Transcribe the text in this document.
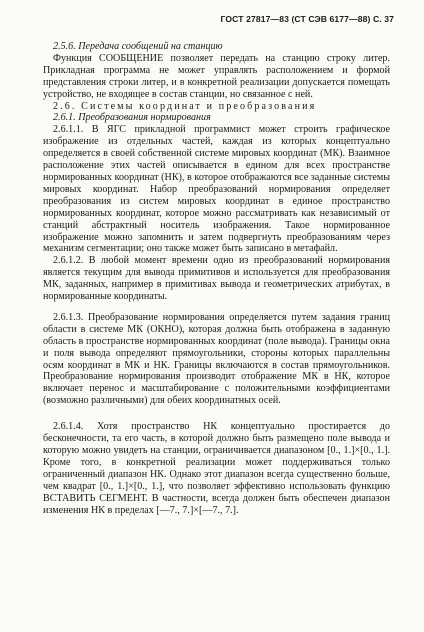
ГОСТ 27817—83 (СТ СЭВ 6177—88) С. 37

2.5.6. Передача сообщений на станцию

Функция СООБЩЕНИЕ позволяет передать на станцию строку литер. Прикладная программа не может управлять расположением и формой представления строки литер, и в конкретной реализации допускается помещать устройство, не входящее в состав станции, но связанное с ней.

2.6. Системы координат и преобразования

2.6.1. Преобразования нормирования

2.6.1.1. В ЯГС прикладной программист может строить графическое изображение из отдельных частей, каждая из которых концептуально определяется в своей собственной системе мировых координат (МК). Взаимное расположение этих частей описывается в едином для всех пространстве нормированных координат (НК), в которое отображаются все заданные системы мировых координат. Набор преобразований нормирования определяет преобразования из систем мировых координат в единое пространство нормированных координат, которое можно рассматривать как независимый от станций абстрактный носитель изображения. Такое нормированное изображение можно запомнить и затем подвергнуть преобразованиям через механизм сегментации; оно также может быть записано в метафайл.

2.6.1.2. В любой момент времени одно из преобразований нормирования является текущим для вывода примитивов и используется для преобразования МК, заданных, например в примитивах вывода и геометрических атрибутах, в нормированные координаты.

2.6.1.3. Преобразование нормирования определяется путем задания границ области в системе МК (ОКНО), которая должна быть отображена в заданную область в пространстве нормированных координат (поле вывода). Границы окна и поля вывода определяют прямоугольники, стороны которых параллельны осям координат в МК и НК. Границы включаются в состав прямоугольников. Преобразование нормирования производит отображение МК в НК, которое включает перенос и масштабирование с положительными коэффициентами (возможно различными) для обеих координатных осей.

2.6.1.4. Хотя пространство НК концептуально простирается до бесконечности, та его часть, в которой должно быть размещено поле вывода и которую можно увидеть на станции, ограничивается диапазоном [0., 1.]×[0., 1.]. Кроме того, в конкретной реализации может поддерживаться только ограниченный диапазон НК. Однако этот диапазон всегда существенно больше, чем квадрат [0., 1.]×[0., 1.], что позволяет эффективно использовать функцию ВСТАВИТЬ СЕГМЕНТ. В частности, всегда должен быть обеспечен диапазон изменения НК в пределах [—7., 7.]×[—7., 7.].
